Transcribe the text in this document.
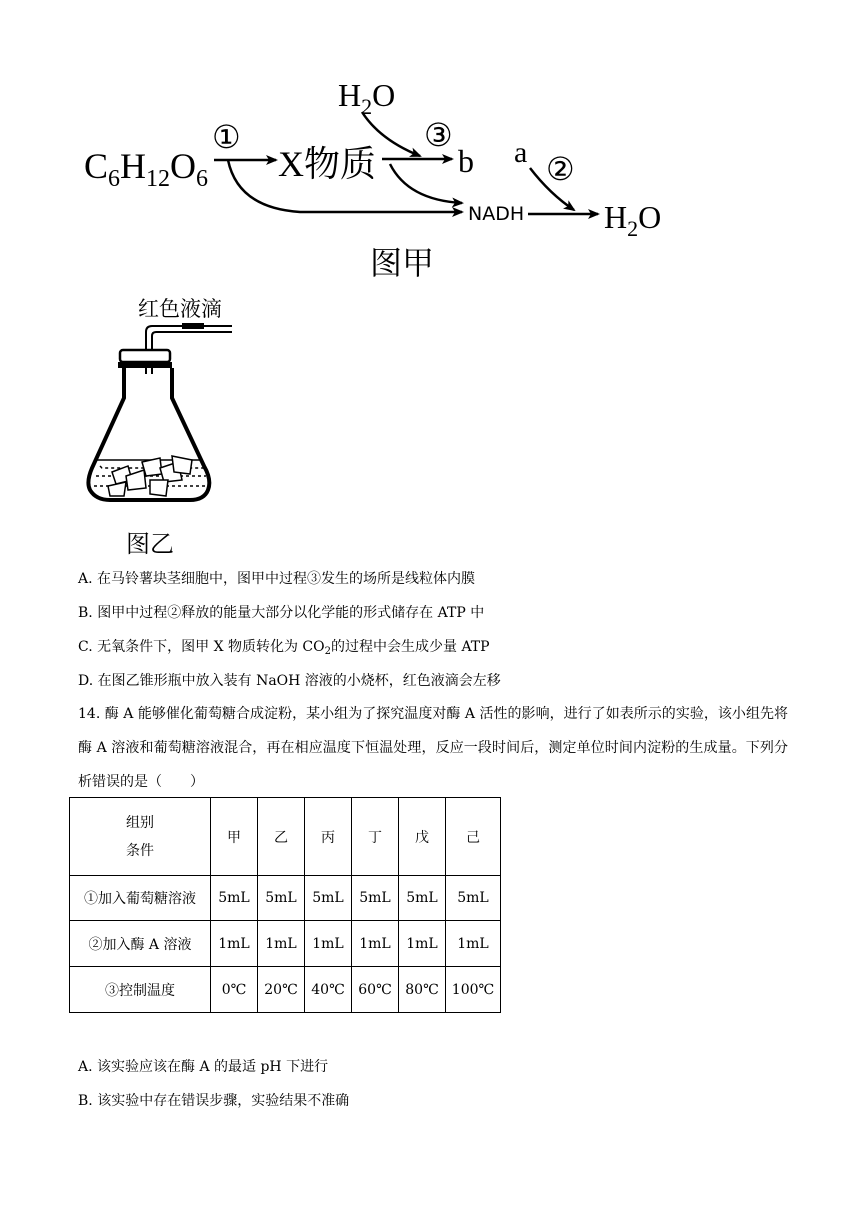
$C_6H_{12}O_6$
①
X物质
$H_2O$
③
b
NADH
a ②
$H_2O$
图甲
红色液滴
图乙
A. 在马铃薯块茎细胞中，图甲中过程③发生的场所是线粒体内膜
B. 图甲中过程②释放的能量大部分以化学能的形式储存在 ATP 中
C. 无氧条件下，图甲 X 物质转化为 $CO_2$的过程中会生成少量 ATP
D. 在图乙锥形瓶中放入装有 NaOH 溶液的小烧杯，红色液滴会左移
14. 酶 A 能够催化葡萄糖合成淀粉，某小组为了探究温度对酶 A 活性的影响，进行了如表所示的实验，该小组先将酶 A 溶液和葡萄糖溶液混合，再在相应温度下恒温处理，反应一段时间后，测定单位时间内淀粉的生成量。下列分析错误的是（　　）
组别
条件	甲	乙	丙	丁	戊	己
①加入葡萄糖溶液	5mL	5mL	5mL	5mL	5mL	5mL
②加入酶 A 溶液	1mL	1mL	1mL	1mL	1mL	1mL
③控制温度	0℃	20℃	40℃	60℃	80℃	100℃
A. 该实验应该在酶 A 的最适 pH 下进行
B. 该实验中存在错误步骤，实验结果不准确
